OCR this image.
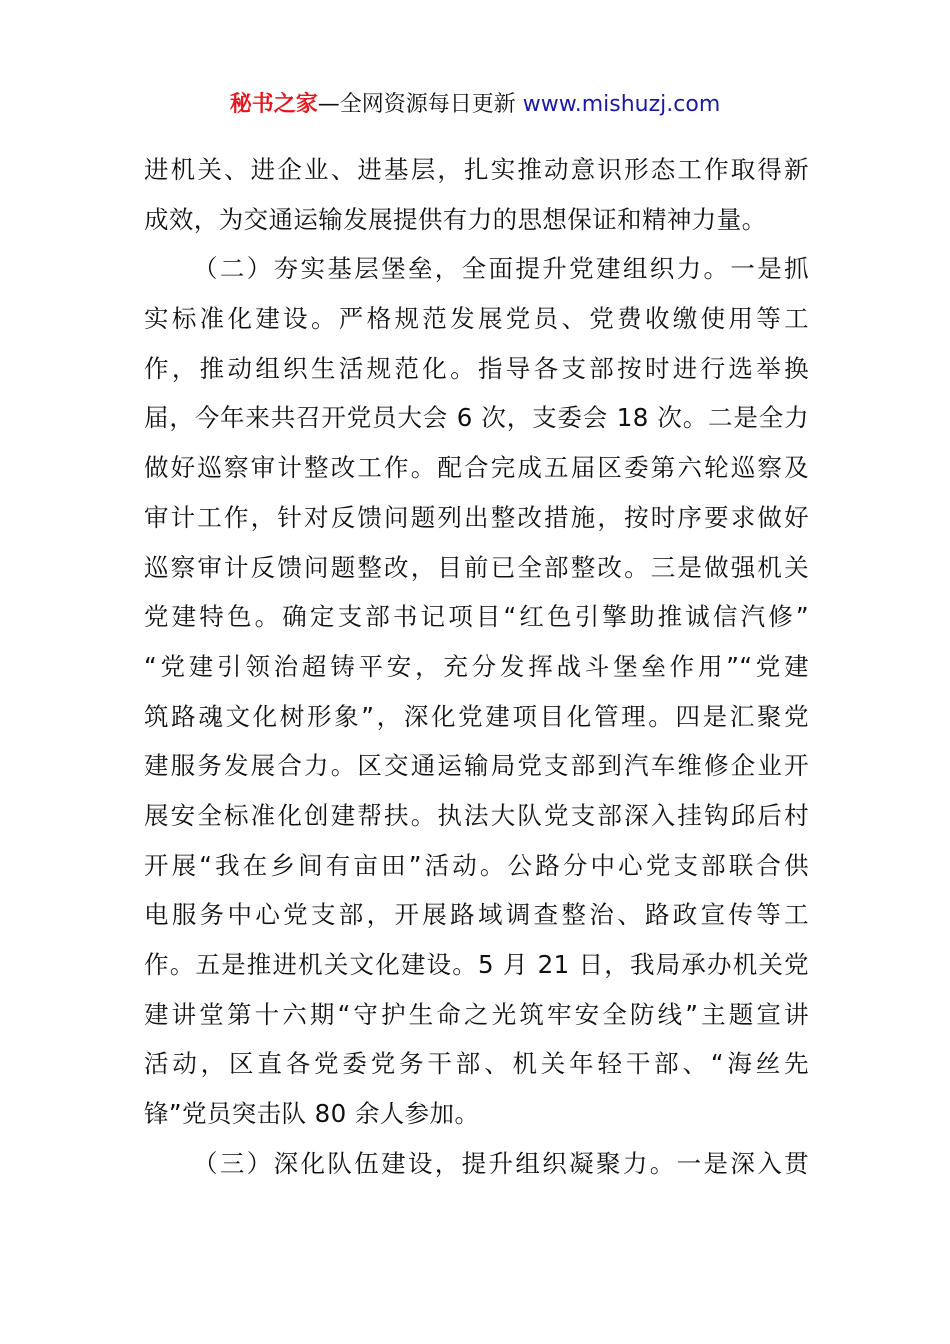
秘书之家—全网资源每日更新 www.mishuzj.com
进机关、进企业、进基层，扎实推动意识形态工作取得新
成效，为交通运输发展提供有力的思想保证和精神力量。
（二）夯实基层堡垒，全面提升党建组织力。一是抓
实标准化建设。严格规范发展党员、党费收缴使用等工
作，推动组织生活规范化。指导各支部按时进行选举换
届，今年来共召开党员大会 6 次，支委会 18 次。二是全力
做好巡察审计整改工作。配合完成五届区委第六轮巡察及
审计工作，针对反馈问题列出整改措施，按时序要求做好
巡察审计反馈问题整改，目前已全部整改。三是做强机关
党建特色。确定支部书记项目“红色引擎助推诚信汽修”
“党建引领治超铸平安，充分发挥战斗堡垒作用”“党建
筑路魂文化树形象”，深化党建项目化管理。四是汇聚党
建服务发展合力。区交通运输局党支部到汽车维修企业开
展安全标准化创建帮扶。执法大队党支部深入挂钩邱后村
开展“我在乡间有亩田”活动。公路分中心党支部联合供
电服务中心党支部，开展路域调查整治、路政宣传等工
作。五是推进机关文化建设。5 月 21 日，我局承办机关党
建讲堂第十六期“守护生命之光筑牢安全防线”主题宣讲
活动，区直各党委党务干部、机关年轻干部、“海丝先
锋”党员突击队 80 余人参加。
（三）深化队伍建设，提升组织凝聚力。一是深入贯
